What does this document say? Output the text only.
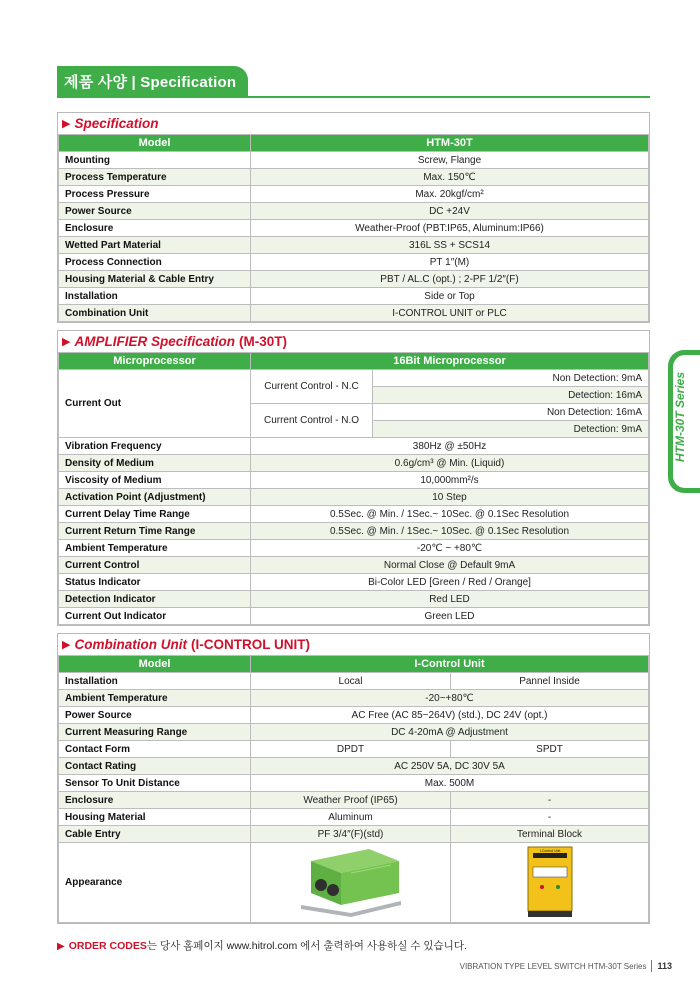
제품 사양 | Specification
HTM-30T Series
▶ Specification
Model	HTM-30T
Mounting	Screw, Flange
Process Temperature	Max. 150℃
Process Pressure	Max. 20kgf/cm²
Power Source	DC +24V
Enclosure	Weather-Proof (PBT:IP65, Aluminum:IP66)
Wetted Part Material	316L SS + SCS14
Process Connection	PT 1″(M)
Housing Material & Cable Entry	PBT / AL.C (opt.) ; 2-PF 1/2″(F)
Installation	Side or Top
Combination Unit	I-CONTROL UNIT or PLC
▶ AMPLIFIER Specification (M-30T)
Microprocessor	16Bit Microprocessor	
Current Out	Current Control - N.C	Non Detection: 9mA
		Detection: 16mA
	Current Control - N.O	Non Detection: 16mA
		Detection: 9mA
Vibration Frequency	380Hz @ ±50Hz	
Density of Medium	0.6g/cm³ @ Min. (Liquid)	
Viscosity of Medium	10,000mm²/s	
Activation Point (Adjustment)	10 Step	
Current Delay Time Range	0.5Sec. @ Min. / 1Sec.~ 10Sec. @ 0.1Sec Resolution	
Current Return Time Range	0.5Sec. @ Min. / 1Sec.~ 10Sec. @ 0.1Sec Resolution	
Ambient Temperature	-20℃ ~ +80℃	
Current Control	Normal Close @ Default 9mA	
Status Indicator	Bi-Color LED [Green / Red / Orange]	
Detection Indicator	Red LED	
Current Out Indicator	Green LED	
▶ Combination Unit (I-CONTROL UNIT)
Model	I-Control Unit	
Installation	Local	Pannel Inside
Ambient Temperature	-20~+80℃	
Power Source	AC Free (AC 85~264V) (std.), DC 24V (opt.)	
Current Measuring Range	DC 4-20mA @ Adjustment	
Contact Form	DPDT	SPDT
Contact Rating	AC 250V 5A, DC 30V 5A	
Sensor To Unit Distance	Max. 500M	
Enclosure	Weather Proof (IP65)	-
Housing Material	Aluminum	-
Cable Entry	PF 3/4″(F)(std)	Terminal Block
Appearance		I-Control Unit
▶ ORDER CODES는 당사 홈페이지 www.hitrol.com 에서 출력하여 사용하실 수 있습니다.
VIBRATION TYPE LEVEL SWITCH HTM-30T Series 113
